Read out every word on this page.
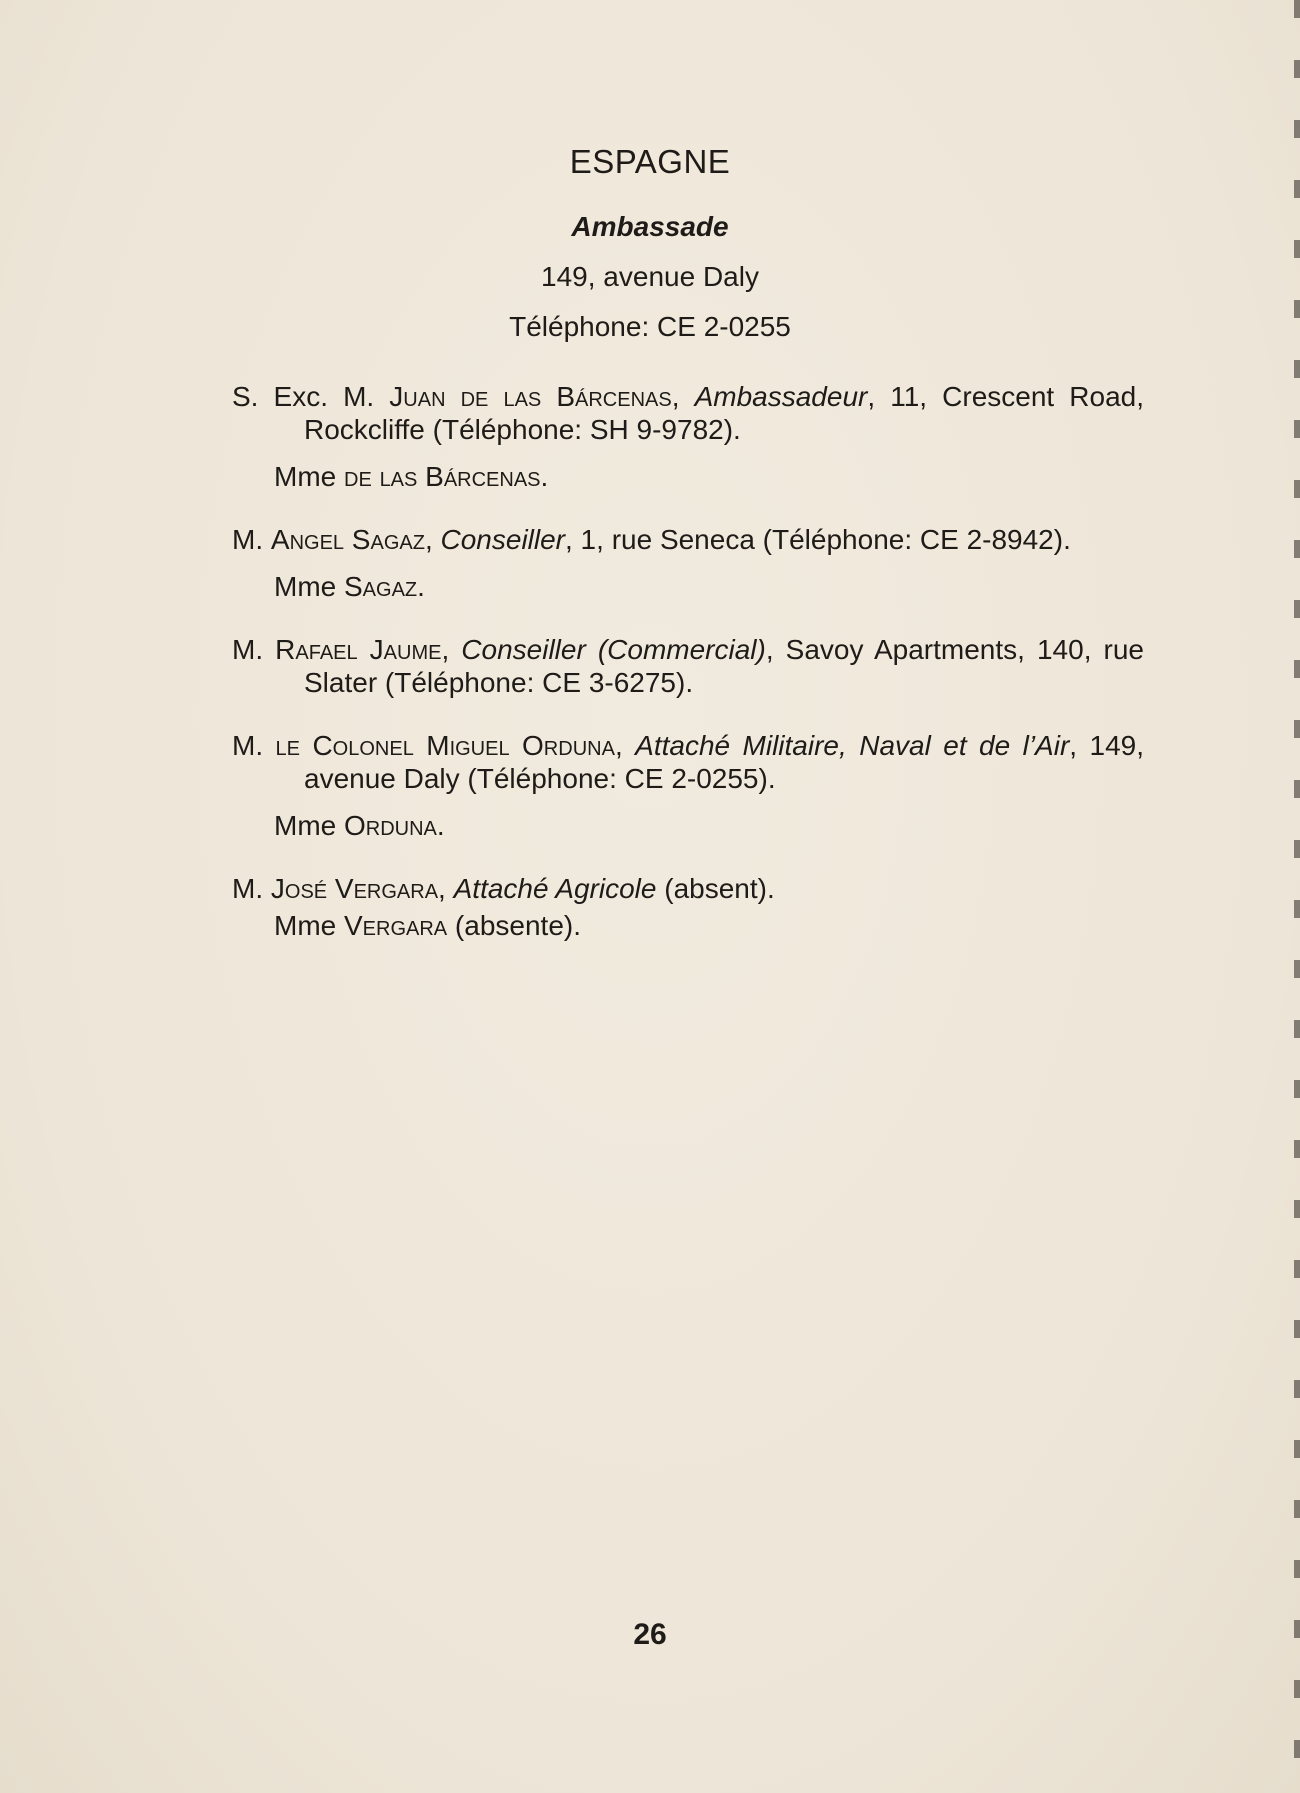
ESPAGNE
Ambassade
149, avenue Daly
Téléphone: CE 2-0255
S. Exc. M. Juan de las Bárcenas, Ambassadeur, 11, Crescent Road, Rockcliffe (Téléphone: SH 9-9782).
Mme de las Bárcenas.
M. Angel Sagaz, Conseiller, 1, rue Seneca (Téléphone: CE 2-8942).
Mme Sagaz.
M. Rafael Jaume, Conseiller (Commercial), Savoy Apartments, 140, rue Slater (Téléphone: CE 3-6275).
M. le Colonel Miguel Orduna, Attaché Militaire, Naval et de l’Air, 149, avenue Daly (Téléphone: CE 2-0255).
Mme Orduna.
M. José Vergara, Attaché Agricole (absent).
Mme Vergara (absente).
26
